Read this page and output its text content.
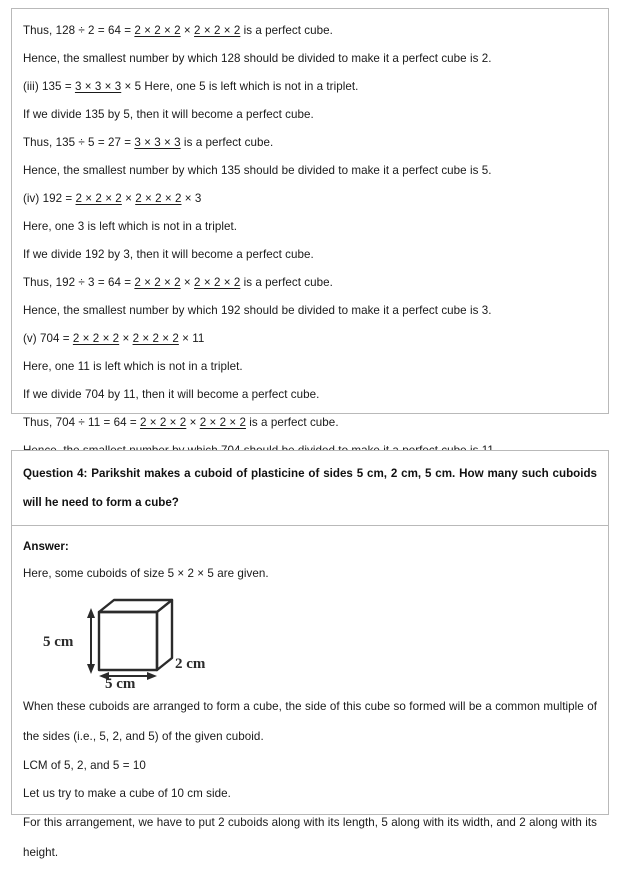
Thus, 128 ÷ 2 = 64 = 2 × 2 × 2 × 2 × 2 × 2 is a perfect cube.
Hence, the smallest number by which 128 should be divided to make it a perfect cube is 2.
(iii) 135 = 3 × 3 × 3 × 5 Here, one 5 is left which is not in a triplet.
If we divide 135 by 5, then it will become a perfect cube.
Thus, 135 ÷ 5 = 27 = 3 × 3 × 3 is a perfect cube.
Hence, the smallest number by which 135 should be divided to make it a perfect cube is 5.
(iv) 192 = 2 × 2 × 2 × 2 × 2 × 2 × 3
Here, one 3 is left which is not in a triplet.
If we divide 192 by 3, then it will become a perfect cube.
Thus, 192 ÷ 3 = 64 = 2 × 2 × 2 × 2 × 2 × 2 is a perfect cube.
Hence, the smallest number by which 192 should be divided to make it a perfect cube is 3.
(v) 704 = 2 × 2 × 2 × 2 × 2 × 2 × 11
Here, one 11 is left which is not in a triplet.
If we divide 704 by 11, then it will become a perfect cube.
Thus, 704 ÷ 11 = 64 = 2 × 2 × 2 × 2 × 2 × 2 is a perfect cube.
Question 4: Parikshit makes a cuboid of plasticine of sides 5 cm, 2 cm, 5 cm. How many such cuboids will he need to form a cube?
Answer:
Here, some cuboids of size 5 × 2 × 5 are given.
5 cm
5 cm
2 cm
When these cuboids are arranged to form a cube, the side of this cube so formed will be a common multiple of the sides (i.e., 5, 2, and 5) of the given cuboid.
LCM of 5, 2, and 5 = 10
Let us try to make a cube of 10 cm side.
For this arrangement, we have to put 2 cuboids along with its length, 5 along with its width, and 2 along with its height.
